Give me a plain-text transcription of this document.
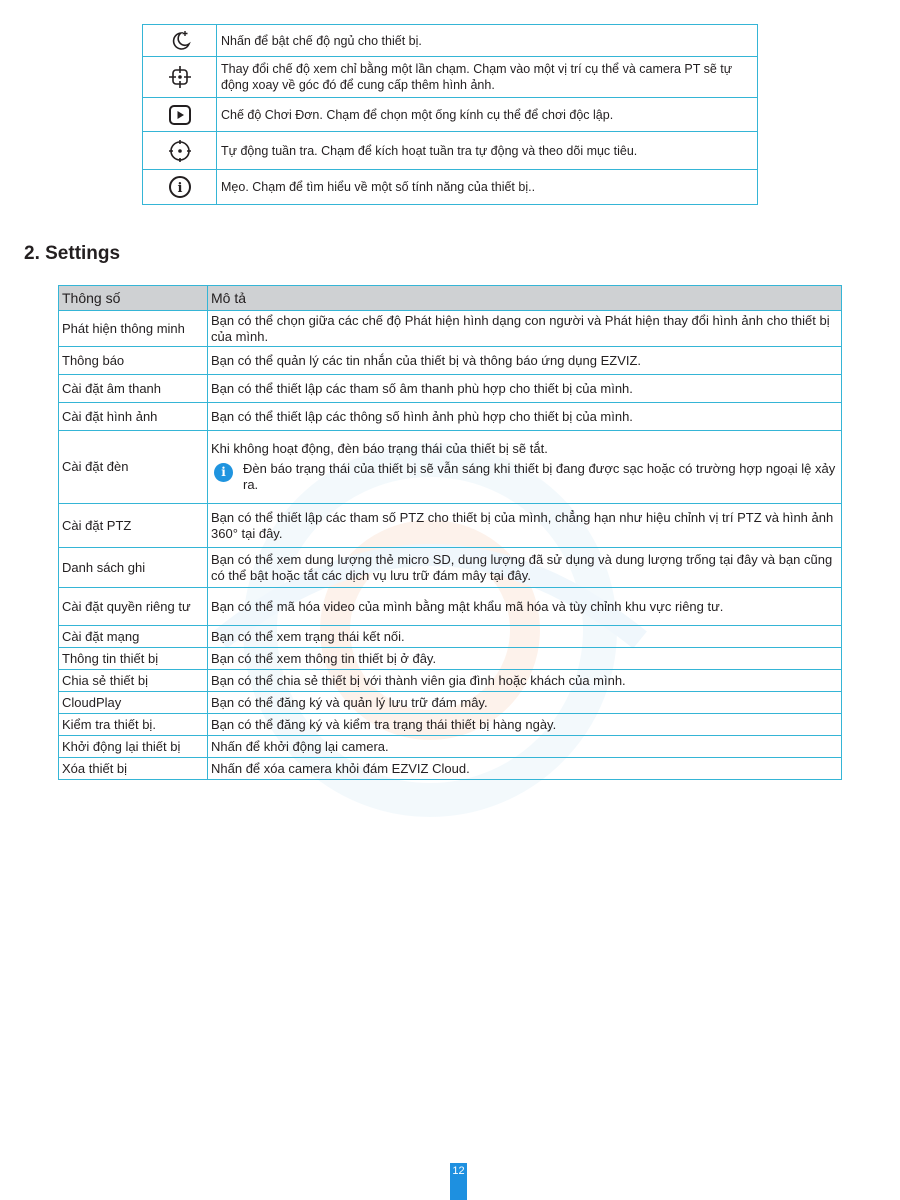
	Nhấn để bật chế độ ngủ cho thiết bị.
	Thay đổi chế độ xem chỉ bằng một lần chạm. Chạm vào một vị trí cụ thể và camera PT sẽ tự động xoay về góc đó để cung cấp thêm hình ảnh.
	Chế độ Chơi Đơn. Chạm để chọn một ống kính cụ thể để chơi độc lập.
	Tự động tuần tra. Chạm để kích hoạt tuần tra tự động và theo dõi mục tiêu.

i	Mẹo. Chạm để tìm hiểu về một số tính năng của thiết bị..
2. Settings
Thông số	Mô tả
Phát hiện thông minh	Bạn có thể chọn giữa các chế độ Phát hiện hình dạng con người và Phát hiện thay đổi hình ảnh cho thiết bị của mình.
Thông báo	Bạn có thể quản lý các tin nhắn của thiết bị và thông báo ứng dụng EZVIZ.
Cài đặt âm thanh	Bạn có thể thiết lập các tham số âm thanh phù hợp cho thiết bị của mình.
Cài đặt hình ảnh	Bạn có thể thiết lập các thông số hình ảnh phù hợp cho thiết bị của mình.
Cài đặt đèn	Khi không hoạt động, đèn báo trạng thái của thiết bị sẽ tắt.
i Đèn báo trạng thái của thiết bị sẽ vẫn sáng khi thiết bị đang được sạc hoặc có trường hợp ngoại lệ xảy ra.

Cài đặt PTZ	Bạn có thể thiết lập các tham số PTZ cho thiết bị của mình, chẳng hạn như hiệu chỉnh vị trí PTZ và hình ảnh 360° tại đây.
Danh sách ghi	Bạn có thể xem dung lượng thẻ micro SD, dung lượng đã sử dụng và dung lượng trống tại đây và bạn cũng có thể bật hoặc tắt các dịch vụ lưu trữ đám mây tại đây.
Cài đặt quyền riêng tư	Bạn có thể mã hóa video của mình bằng mật khẩu mã hóa và tùy chỉnh khu vực riêng tư.
Cài đặt mạng	Bạn có thể xem trạng thái kết nối.
Thông tin thiết bị	Bạn có thể xem thông tin thiết bị ở đây.
Chia sẻ thiết bị	Bạn có thể chia sẻ thiết bị với thành viên gia đình hoặc khách của mình.
CloudPlay	Bạn có thể đăng ký và quản lý lưu trữ đám mây.
Kiểm tra thiết bị.	Bạn có thể đăng ký và kiểm tra trạng thái thiết bị hàng ngày.
Khởi động lại thiết bị	Nhấn để khởi động lại camera.
Xóa thiết bị	Nhấn để xóa camera khỏi đám EZVIZ Cloud.
12
